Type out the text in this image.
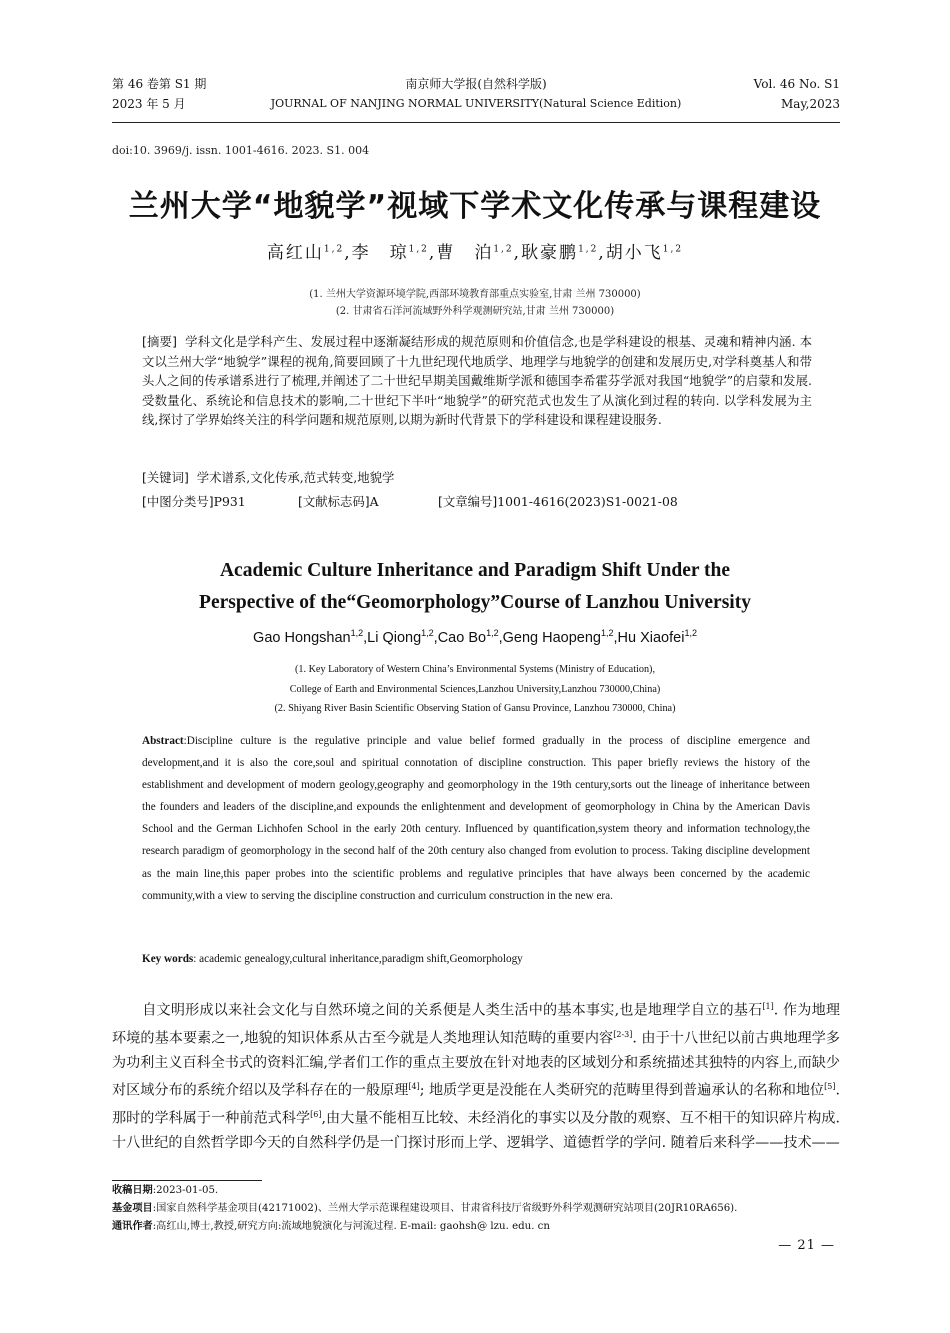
第 46 卷第 S1 期	南京师大学报(自然科学版)	Vol. 46 No. S1
2023 年 5 月	JOURNAL OF NANJING NORMAL UNIVERSITY(Natural Science Edition)	May,2023
doi:10. 3969/j. issn. 1001-4616. 2023. S1. 004
兰州大学“地貌学”视域下学术文化传承与课程建设
高红山$^{1,2}$,李　琼$^{1,2}$,曹　泊$^{1,2}$,耿豪鹏$^{1,2}$,胡小飞$^{1,2}$
(1. 兰州大学资源环境学院,西部环境教育部重点实验室,甘肃 兰州 730000)
(2. 甘肃省石洋河流域野外科学观测研究站,甘肃 兰州 730000)
[摘要] 学科文化是学科产生、发展过程中逐渐凝结形成的规范原则和价值信念,也是学科建设的根基、灵魂和精神内涵. 本文以兰州大学“地貌学”课程的视角,简要回顾了十九世纪现代地质学、地理学与地貌学的创建和发展历史,对学科奠基人和带头人之间的传承谱系进行了梳理,并阐述了二十世纪早期美国戴维斯学派和德国李希霍芬学派对我国“地貌学”的启蒙和发展. 受数量化、系统论和信息技术的影响,二十世纪下半叶“地貌学”的研究范式也发生了从演化到过程的转向. 以学科发展为主线,探讨了学界始终关注的科学问题和规范原则,以期为新时代背景下的学科建设和课程建设服务.
[关键词] 学术谱系,文化传承,范式转变,地貌学
[中图分类号]P931	[文献标志码]A	[文章编号]1001-4616(2023)S1-0021-08
Academic Culture Inheritance and Paradigm Shift Under the
Perspective of the“Geomorphology”Course of Lanzhou University
Gao Hongshan$^{1,2}$,Li Qiong$^{1,2}$,Cao Bo$^{1,2}$,Geng Haopeng$^{1,2}$,Hu Xiaofei$^{1,2}$
(1. Key Laboratory of Western China’s Environmental Systems (Ministry of Education),
College of Earth and Environmental Sciences,Lanzhou University,Lanzhou 730000,China)
(2. Shiyang River Basin Scientific Observing Station of Gansu Province, Lanzhou 730000, China)
Abstract:Discipline culture is the regulative principle and value belief formed gradually in the process of discipline emergence and development,and it is also the core,soul and spiritual connotation of discipline construction. This paper briefly reviews the history of the establishment and development of modern geology,geography and geomorphology in the 19th century,sorts out the lineage of inheritance between the founders and leaders of the discipline,and expounds the enlightenment and development of geomorphology in China by the American Davis School and the German Lichhofen School in the early 20th century. Influenced by quantification,system theory and information technology,the research paradigm of geomorphology in the second half of the 20th century also changed from evolution to process. Taking discipline development as the main line,this paper probes into the scientific problems and regulative principles that have always been concerned by the academic community,with a view to serving the discipline construction and curriculum construction in the new era.
Key words: academic genealogy,cultural inheritance,paradigm shift,Geomorphology
自文明形成以来社会文化与自然环境之间的关系便是人类生活中的基本事实,也是地理学自立的基石[1]. 作为地理环境的基本要素之一,地貌的知识体系从古至今就是人类地理认知范畴的重要内容[2-3]. 由于十八世纪以前古典地理学多为功利主义百科全书式的资料汇编,学者们工作的重点主要放在针对地表的区域划分和系统描述其独特的内容上,而缺少对区域分布的系统介绍以及学科存在的一般原理[4]; 地质学更是没能在人类研究的范畴里得到普遍承认的名称和地位[5]. 那时的学科属于一种前范式科学[6],由大量不能相互比较、未经消化的事实以及分散的观察、互不相干的知识碎片构成. 十八世纪的自然哲学即今天的自然科学仍是一门探讨形而上学、逻辑学、道德哲学的学问. 随着后来科学——技术——
收稿日期:2023-01-05.
基金项目:国家自然科学基金项目(42171002)、兰州大学示范课程建设项目、甘肃省科技厅省级野外科学观测研究站项目(20JR10RA656).
通讯作者:高红山,博士,教授,研究方向:流域地貌演化与河流过程. E-mail: gaohsh@ lzu. edu. cn
— 21 —
